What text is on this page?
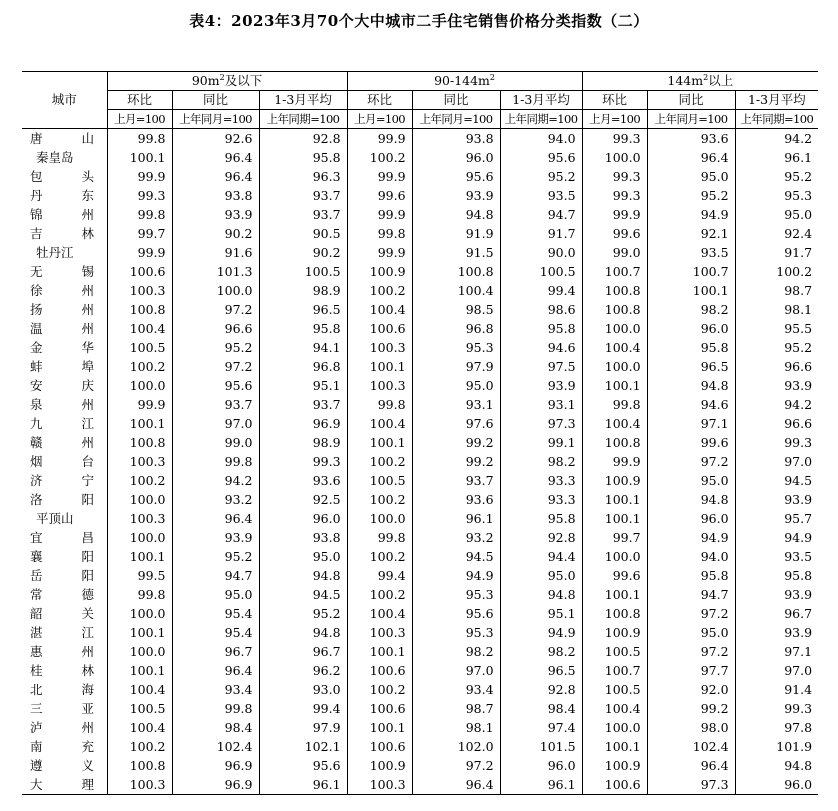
表4：2023年3月70个大中城市二手住宅销售价格分类指数（二）
城市	$90m^2$及以下			$90-144m^2$			$144m^2$以上		
	环比	同比	1-3月平均	环比	同比	1-3月平均	环比	同比	1-3月平均
	上月=100	上年同月=100	上年同期=100	上月=100	上年同月=100	上年同期=100	上月=100	上年同月=100	上年同期=100
唐山	99.8	92.6	92.8	99.9	93.8	94.0	99.3	93.6	94.2
秦皇岛	100.1	96.4	95.8	100.2	96.0	95.6	100.0	96.4	96.1
包头	99.9	96.4	96.3	99.9	95.6	95.2	99.3	95.0	95.2
丹东	99.3	93.8	93.7	99.6	93.9	93.5	99.3	95.2	95.3
锦州	99.8	93.9	93.7	99.9	94.8	94.7	99.9	94.9	95.0
吉林	99.7	90.2	90.5	99.8	91.9	91.7	99.6	92.1	92.4
牡丹江	99.9	91.6	90.2	99.9	91.5	90.0	99.0	93.5	91.7
无锡	100.6	101.3	100.5	100.9	100.8	100.5	100.7	100.7	100.2
徐州	100.3	100.0	98.9	100.2	100.4	99.4	100.8	100.1	98.7
扬州	100.8	97.2	96.5	100.4	98.5	98.6	100.8	98.2	98.1
温州	100.4	96.6	95.8	100.6	96.8	95.8	100.0	96.0	95.5
金华	100.5	95.2	94.1	100.3	95.3	94.6	100.4	95.8	95.2
蚌埠	100.2	97.2	96.8	100.1	97.9	97.5	100.0	96.5	96.6
安庆	100.0	95.6	95.1	100.3	95.0	93.9	100.1	94.8	93.9
泉州	99.9	93.7	93.7	99.8	93.1	93.1	99.8	94.6	94.2
九江	100.1	97.0	96.9	100.4	97.6	97.3	100.4	97.1	96.6
赣州	100.8	99.0	98.9	100.1	99.2	99.1	100.8	99.6	99.3
烟台	100.3	99.8	99.3	100.2	99.2	98.2	99.9	97.2	97.0
济宁	100.2	94.2	93.6	100.5	93.7	93.3	100.9	95.0	94.5
洛阳	100.0	93.2	92.5	100.2	93.6	93.3	100.1	94.8	93.9
平顶山	100.3	96.4	96.0	100.0	96.1	95.8	100.1	96.0	95.7
宜昌	100.0	93.9	93.8	99.8	93.2	92.8	99.7	94.9	94.9
襄阳	100.1	95.2	95.0	100.2	94.5	94.4	100.0	94.0	93.5
岳阳	99.5	94.7	94.8	99.4	94.9	95.0	99.6	95.8	95.8
常德	99.8	95.0	94.5	100.2	95.3	94.8	100.1	94.7	93.9
韶关	100.0	95.4	95.2	100.4	95.6	95.1	100.8	97.2	96.7
湛江	100.1	95.4	94.8	100.3	95.3	94.9	100.9	95.0	93.9
惠州	100.0	96.7	96.7	100.1	98.2	98.2	100.5	97.2	97.1
桂林	100.1	96.4	96.2	100.6	97.0	96.5	100.7	97.7	97.0
北海	100.4	93.4	93.0	100.2	93.4	92.8	100.5	92.0	91.4
三亚	100.5	99.8	99.4	100.6	98.7	98.4	100.4	99.2	99.3
泸州	100.4	98.4	97.9	100.1	98.1	97.4	100.0	98.0	97.8
南充	100.2	102.4	102.1	100.6	102.0	101.5	100.1	102.4	101.9
遵义	100.8	96.9	95.6	100.9	97.2	96.0	100.9	96.4	94.8
大理	100.3	96.9	96.1	100.3	96.4	96.1	100.6	97.3	96.0
